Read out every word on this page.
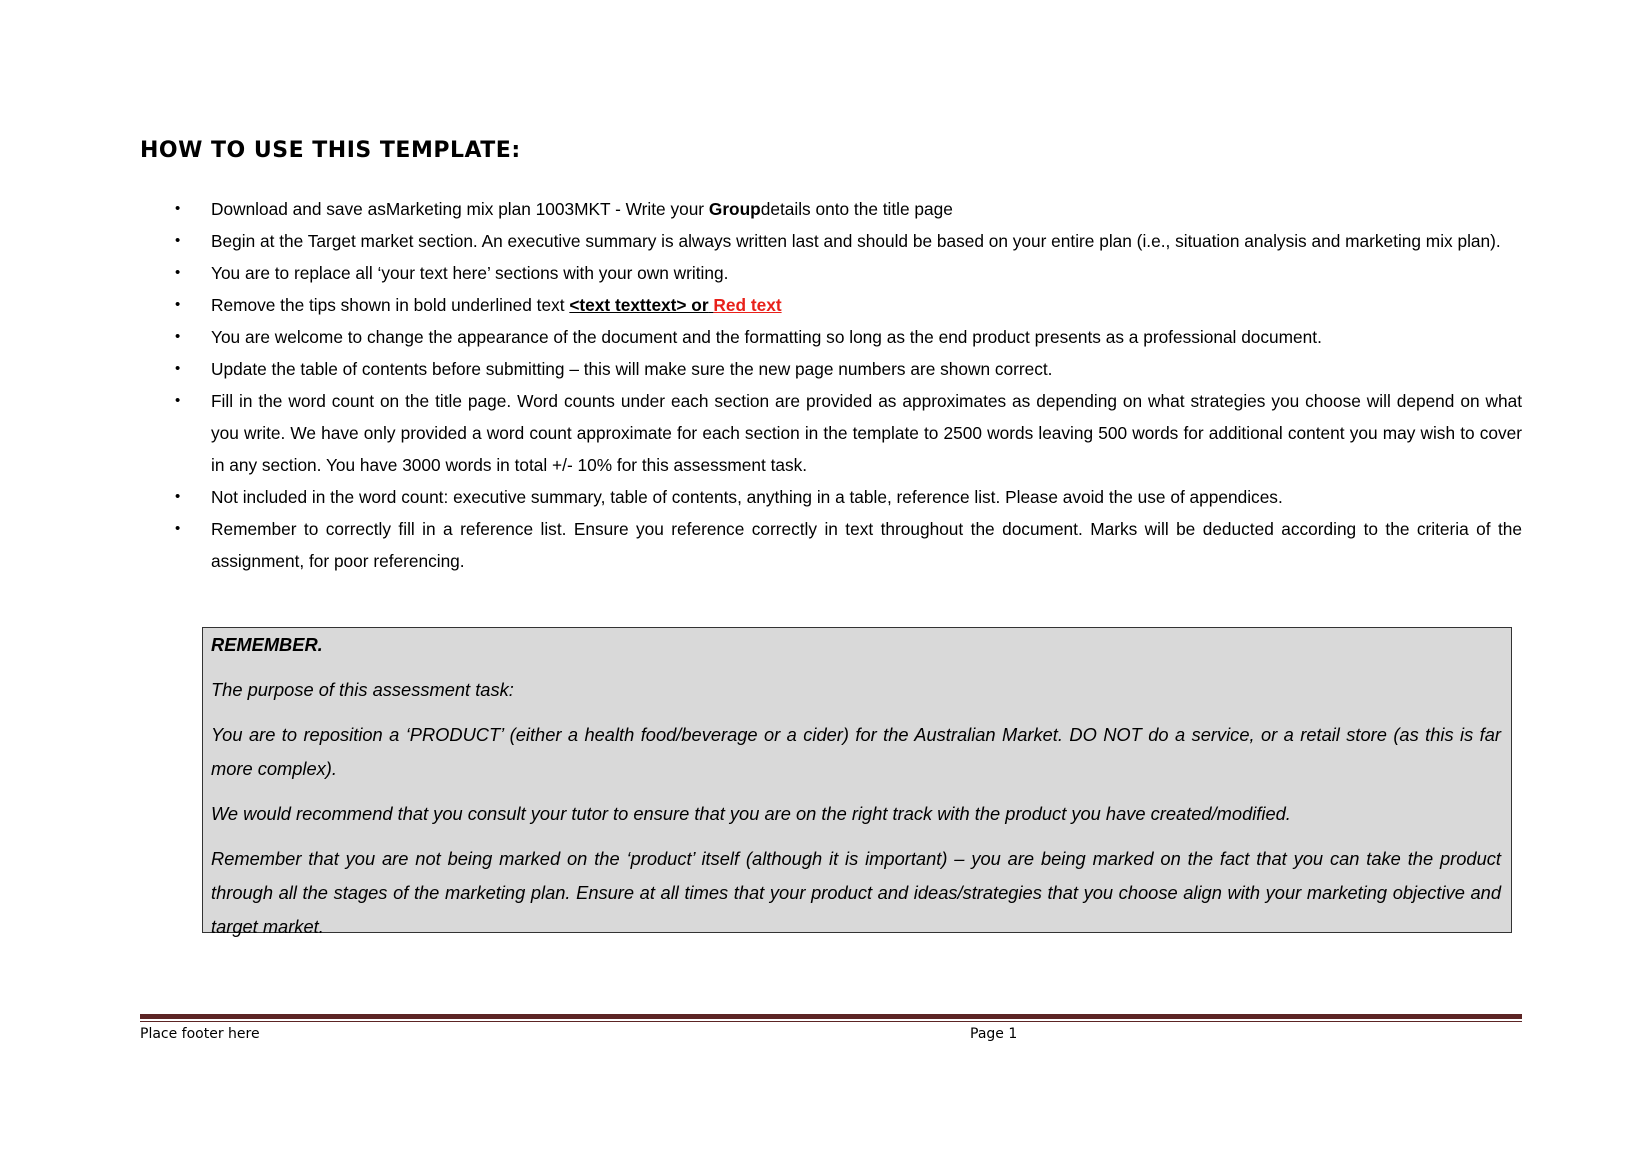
HOW TO USE THIS TEMPLATE:
• Download and save asMarketing mix plan 1003MKT - Write your Groupdetails onto the title page
• Begin at the Target market section. An executive summary is always written last and should be based on your entire plan (i.e., situation analysis and marketing mix plan).
• You are to replace all ‘your text here’ sections with your own writing.
• Remove the tips shown in bold underlined text <text texttext> or Red text
• You are welcome to change the appearance of the document and the formatting so long as the end product presents as a professional document.
• Update the table of contents before submitting – this will make sure the new page numbers are shown correct.
• Fill in the word count on the title page. Word counts under each section are provided as approximates as depending on what strategies you choose will depend on what you write. We have only provided a word count approximate for each section in the template to 2500 words leaving 500 words for additional content you may wish to cover in any section. You have 3000 words in total +/- 10% for this assessment task.
• Not included in the word count: executive summary, table of contents, anything in a table, reference list. Please avoid the use of appendices.
• Remember to correctly fill in a reference list. Ensure you reference correctly in text throughout the document. Marks will be deducted according to the criteria of the assignment, for poor referencing.

REMEMBER.

The purpose of this assessment task:

You are to reposition a ‘PRODUCT’ (either a health food/beverage or a cider) for the Australian Market. DO NOT do a service, or a retail store (as this is far more complex).

We would recommend that you consult your tutor to ensure that you are on the right track with the product you have created/modified.

Remember that you are not being marked on the ‘product’ itself (although it is important) – you are being marked on the fact that you can take the product through all the stages of the marketing plan. Ensure at all times that your product and ideas/strategies that you choose align with your marketing objective and target market.

Place footer here	Page 1
